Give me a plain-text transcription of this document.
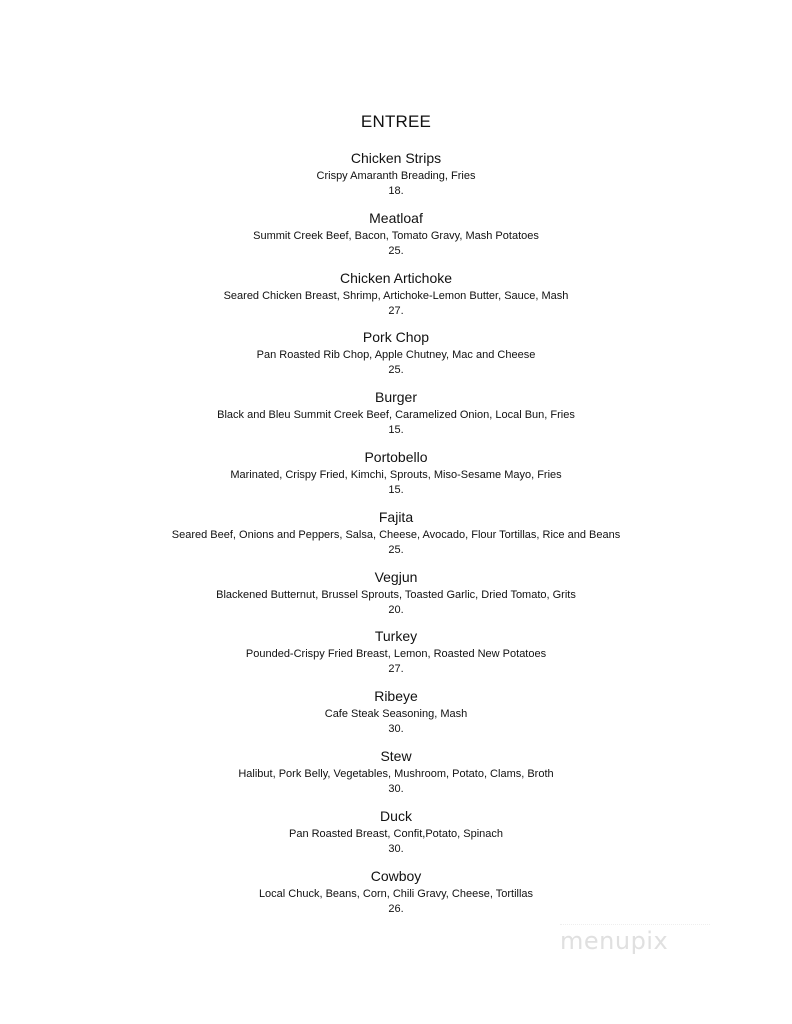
ENTREE
Chicken Strips
Crispy Amaranth Breading, Fries
18.
Meatloaf
Summit Creek Beef, Bacon, Tomato Gravy, Mash Potatoes
25.
Chicken Artichoke
Seared Chicken Breast, Shrimp, Artichoke-Lemon Butter, Sauce, Mash
27.
Pork Chop
Pan Roasted Rib Chop, Apple Chutney, Mac and Cheese
25.
Burger
Black and Bleu Summit Creek Beef, Caramelized Onion, Local Bun, Fries
15.
Portobello
Marinated, Crispy Fried, Kimchi, Sprouts, Miso-Sesame Mayo, Fries
15.
Fajita
Seared Beef, Onions and Peppers, Salsa, Cheese, Avocado, Flour Tortillas, Rice and Beans
25.
Vegjun
Blackened Butternut, Brussel Sprouts, Toasted Garlic, Dried Tomato, Grits
20.
Turkey
Pounded-Crispy Fried Breast, Lemon, Roasted New Potatoes
27.
Ribeye
Cafe Steak Seasoning, Mash
30.
Stew
Halibut, Pork Belly, Vegetables, Mushroom, Potato, Clams, Broth
30.
Duck
Pan Roasted Breast, Confit,Potato, Spinach
30.
Cowboy
Local Chuck, Beans, Corn, Chili Gravy, Cheese, Tortillas
26.
menupix
